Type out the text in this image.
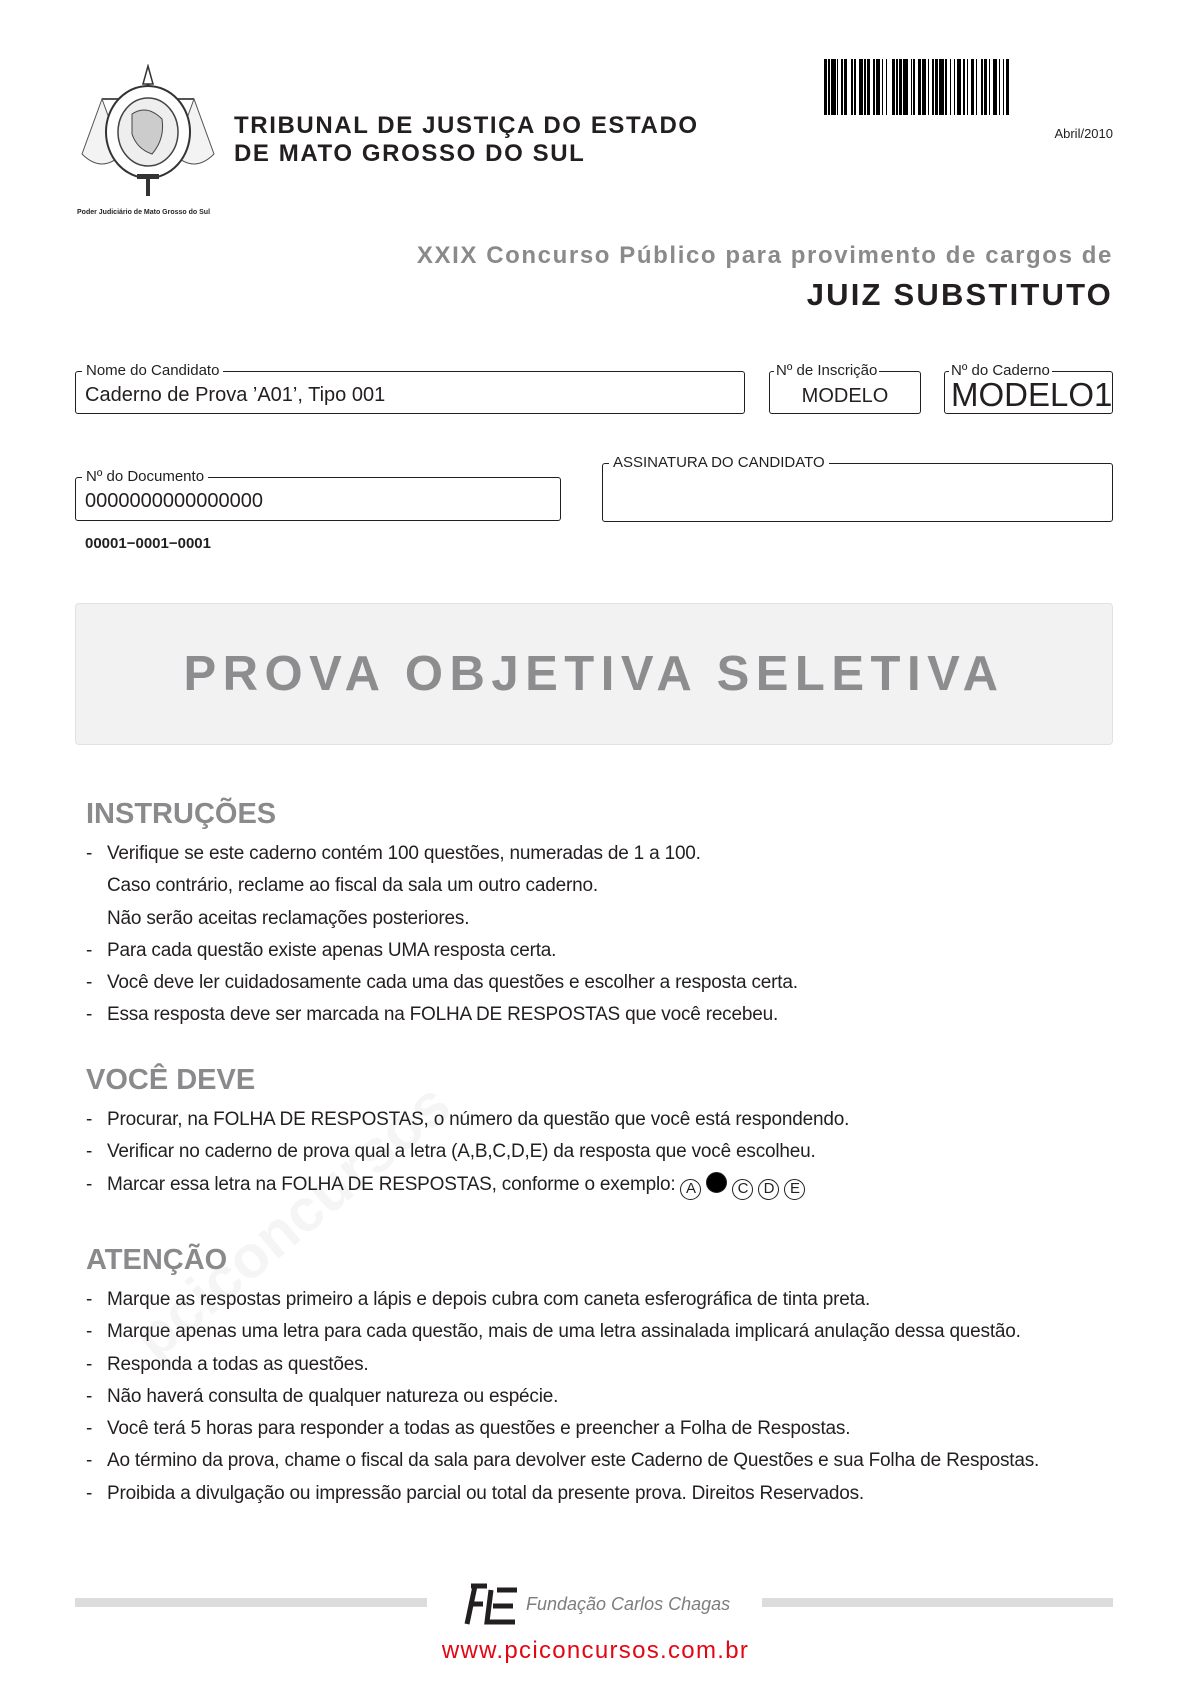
Poder Judiciário de Mato Grosso do Sul
TRIBUNAL DE JUSTIÇA DO ESTADO
DE MATO GROSSO DO SUL
Abril/2010
XXIX Concurso Público para provimento de cargos de
JUIZ SUBSTITUTO
Nome do Candidato
Caderno de Prova ’A01’, Tipo 001
Nº de Inscrição
MODELO
Nº do Caderno
MODELO1
Nº do Documento
0000000000000000
ASSINATURA DO CANDIDATO
00001−0001−0001
PROVA OBJETIVA SELETIVA
INSTRUÇÕES
- Verifique se este caderno contém 100 questões, numeradas de 1 a 100.
Caso contrário, reclame ao fiscal da sala um outro caderno.
Não serão aceitas reclamações posteriores.
- Para cada questão existe apenas UMA resposta certa.
- Você deve ler cuidadosamente cada uma das questões e escolher a resposta certa.
- Essa resposta deve ser marcada na FOLHA DE RESPOSTAS que você recebeu.
VOCÊ DEVE
- Procurar, na FOLHA DE RESPOSTAS, o número da questão que você está respondendo.
- Verificar no caderno de prova qual a letra (A,B,C,D,E) da resposta que você escolheu.
- Marcar essa letra na FOLHA DE RESPOSTAS, conforme o exemplo: A	C D E
ATENÇÃO
- Marque as respostas primeiro a lápis e depois cubra com caneta esferográfica de tinta preta.
- Marque apenas uma letra para cada questão, mais de uma letra assinalada implicará anulação dessa questão.
- Responda a todas as questões.
- Não haverá consulta de qualquer natureza ou espécie.
- Você terá 5 horas para responder a todas as questões e preencher a Folha de Respostas.
- Ao término da prova, chame o fiscal da sala para devolver este Caderno de Questões e sua Folha de Respostas.
- Proibida a divulgação ou impressão parcial ou total da presente prova. Direitos Reservados.
Fundação Carlos Chagas
www.pciconcursos.com.br
